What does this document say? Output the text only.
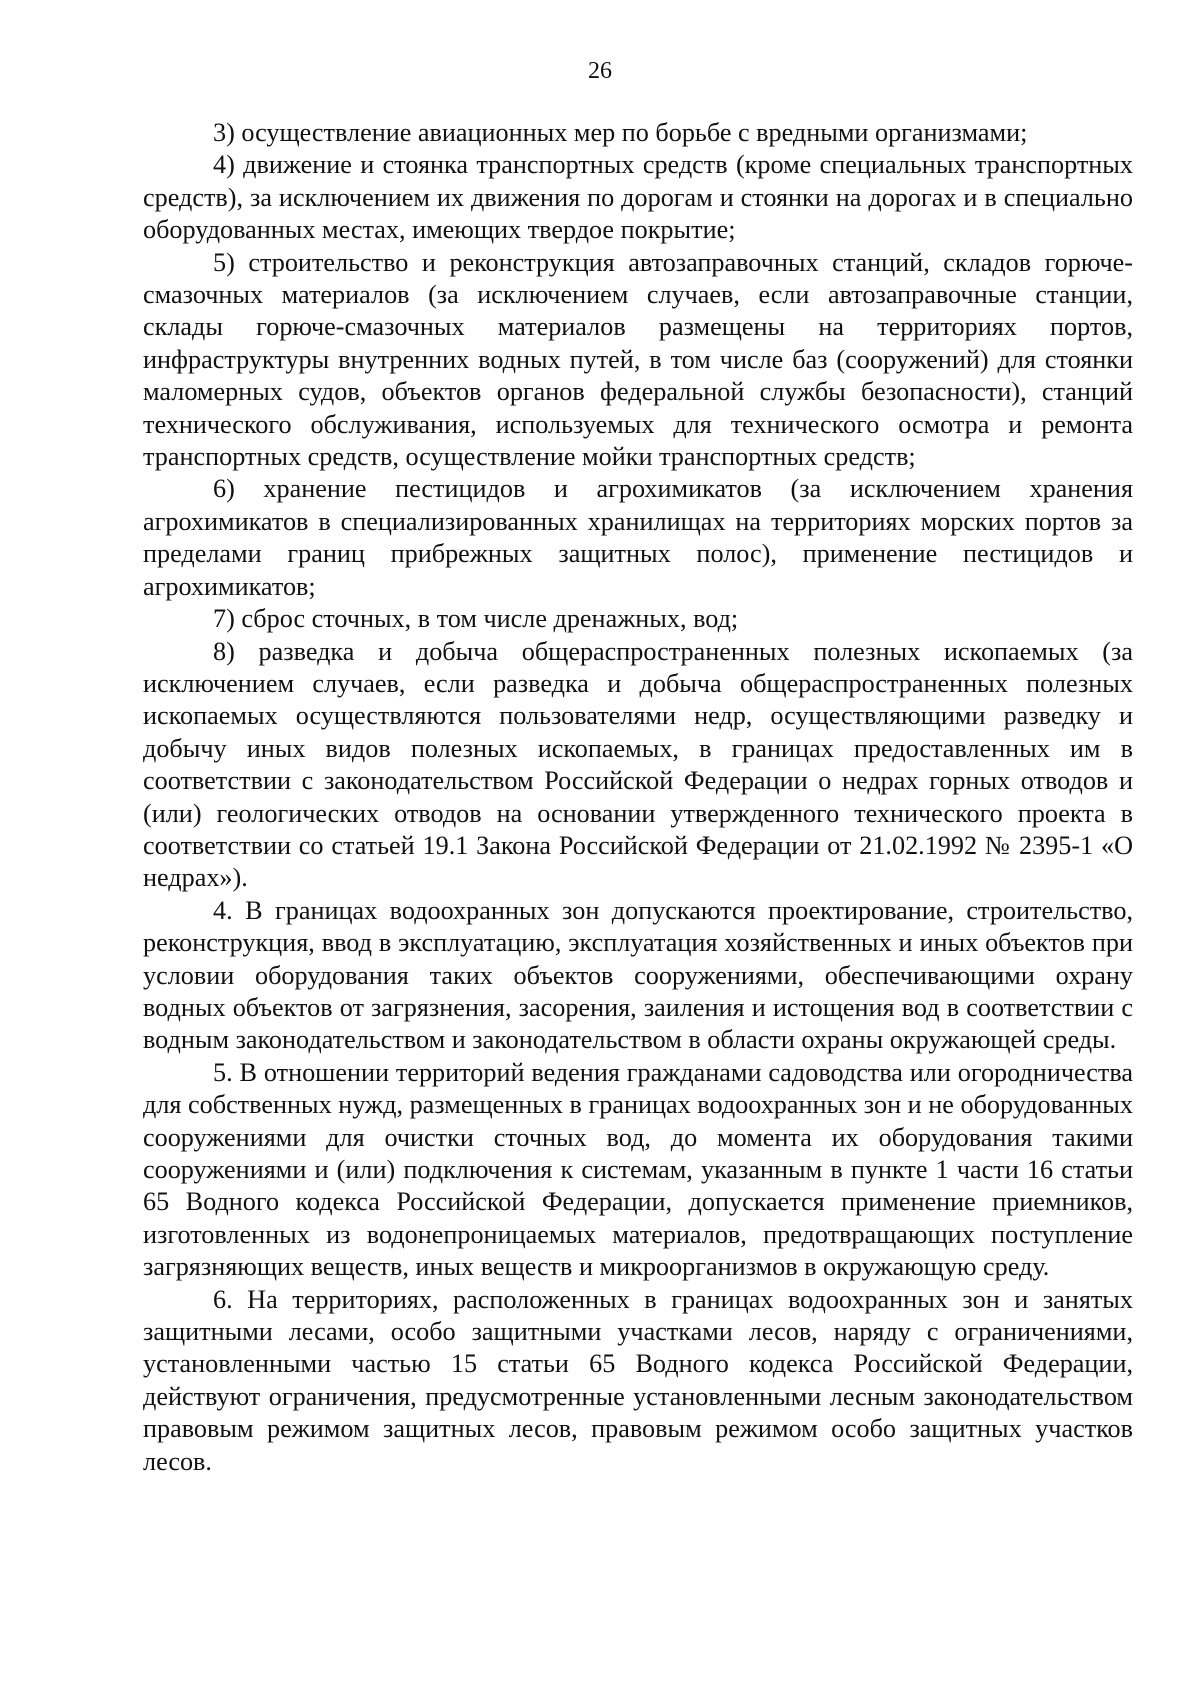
26

3) осуществление авиационных мер по борьбе с вредными организмами;

4) движение и стоянка транспортных средств (кроме специальных транспортных средств), за исключением их движения по дорогам и стоянки на дорогах и в специально оборудованных местах, имеющих твердое покрытие;

5) строительство и реконструкция автозаправочных станций, складов горюче-смазочных материалов (за исключением случаев, если автозаправочные станции, склады горюче-смазочных материалов размещены на территориях портов, инфраструктуры внутренних водных путей, в том числе баз (сооружений) для стоянки маломерных судов, объектов органов федеральной службы безопасности), станций технического обслуживания, используемых для технического осмотра и ремонта транспортных средств, осуществление мойки транспортных средств;

6) хранение пестицидов и агрохимикатов (за исключением хранения агрохимикатов в специализированных хранилищах на территориях морских портов за пределами границ прибрежных защитных полос), применение пестицидов и агрохимикатов;

7) сброс сточных, в том числе дренажных, вод;

8) разведка и добыча общераспространенных полезных ископаемых (за исключением случаев, если разведка и добыча общераспространенных полезных ископаемых осуществляются пользователями недр, осуществляющими разведку и добычу иных видов полезных ископаемых, в границах предоставленных им в соответствии с законодательством Российской Федерации о недрах горных отводов и (или) геологических отводов на основании утвержденного технического проекта в соответствии со статьей 19.1 Закона Российской Федерации от 21.02.1992 № 2395-1 «О недрах»).

4. В границах водоохранных зон допускаются проектирование, строительство, реконструкция, ввод в эксплуатацию, эксплуатация хозяйственных и иных объектов при условии оборудования таких объектов сооружениями, обеспечивающими охрану водных объектов от загрязнения, засорения, заиления и истощения вод в соответствии с водным законодательством и законодательством в области охраны окружающей среды.

5. В отношении территорий ведения гражданами садоводства или огородничества для собственных нужд, размещенных в границах водоохранных зон и не оборудованных сооружениями для очистки сточных вод, до момента их оборудования такими сооружениями и (или) подключения к системам, указанным в пункте 1 части 16 статьи 65 Водного кодекса Российской Федерации, допускается применение приемников, изготовленных из водонепроницаемых материалов, предотвращающих поступление загрязняющих веществ, иных веществ и микроорганизмов в окружающую среду.

6. На территориях, расположенных в границах водоохранных зон и занятых защитными лесами, особо защитными участками лесов, наряду с ограничениями, установленными частью 15 статьи 65 Водного кодекса Российской Федерации, действуют ограничения, предусмотренные установленными лесным законодательством правовым режимом защитных лесов, правовым режимом особо защитных участков лесов.
